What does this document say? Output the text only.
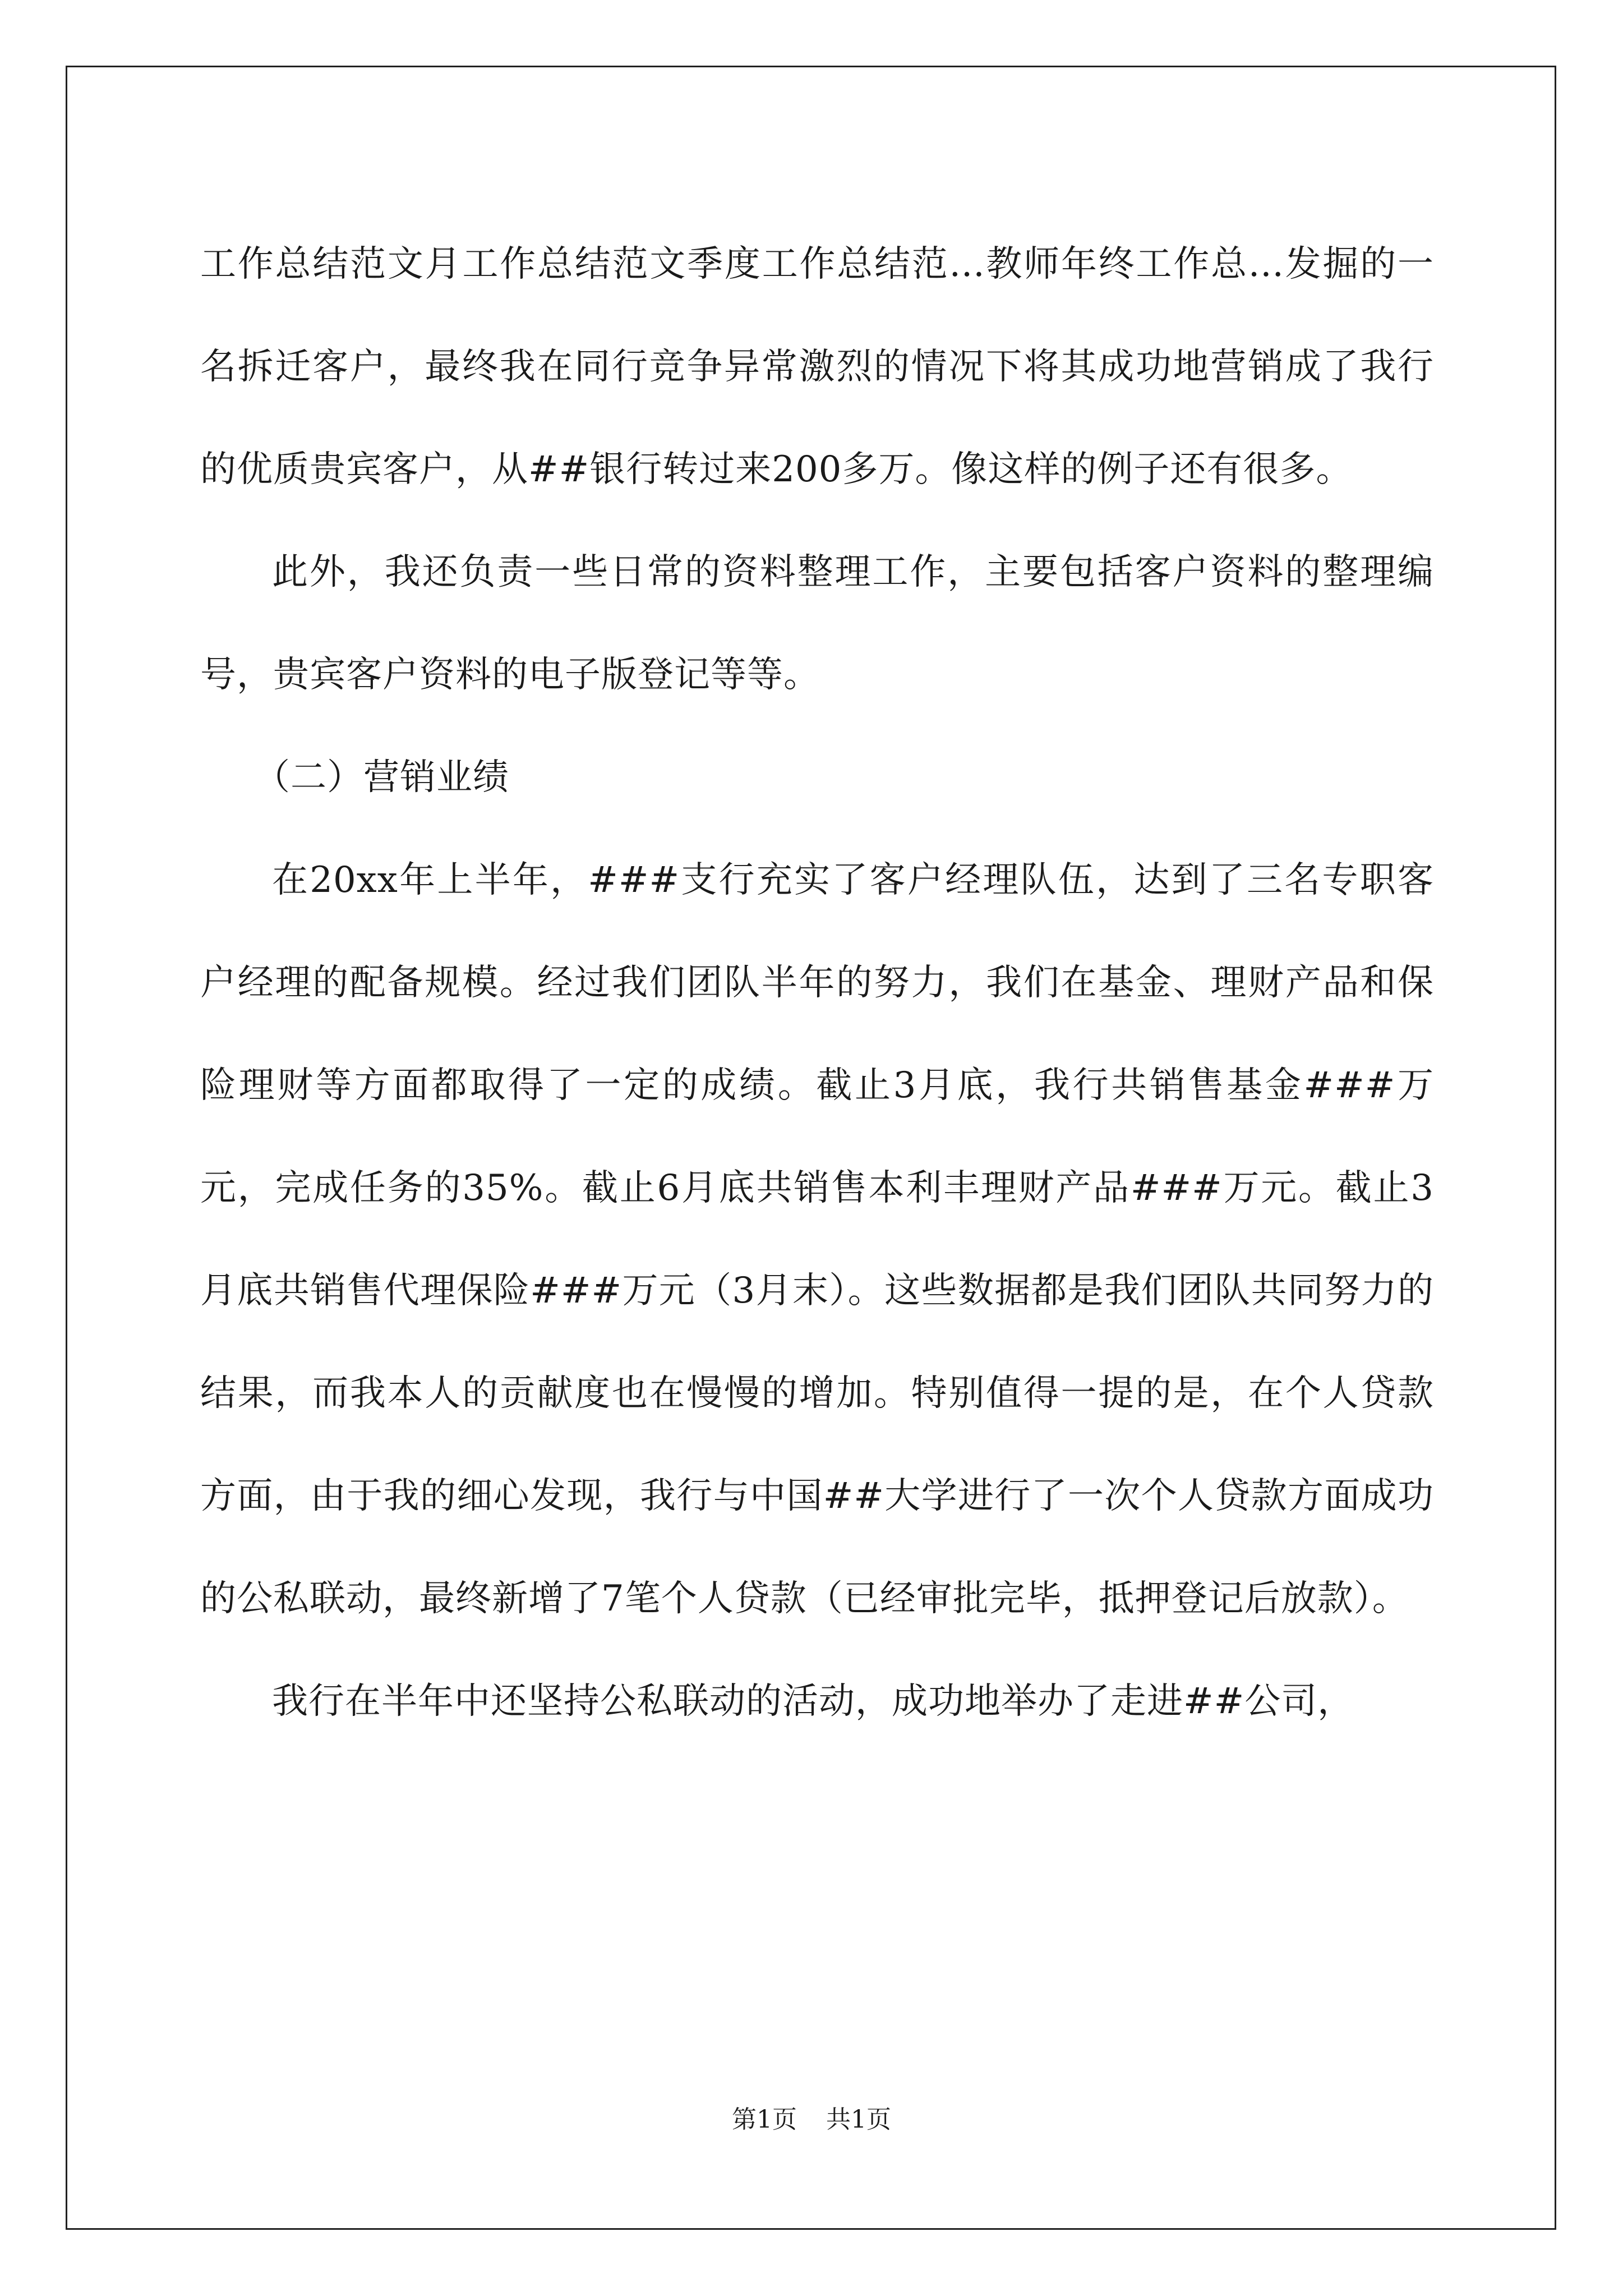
工作总结范文月工作总结范文季度工作总结范...教师年终工作总...发掘的一名拆迁客户，最终我在同行竞争异常激烈的情况下将其成功地营销成了我行的优质贵宾客户，从##银行转过来200多万。像这样的例子还有很多。

此外，我还负责一些日常的资料整理工作，主要包括客户资料的整理编号，贵宾客户资料的电子版登记等等。

（二）营销业绩

在20xx年上半年，###支行充实了客户经理队伍，达到了三名专职客户经理的配备规模。经过我们团队半年的努力，我们在基金、理财产品和保险理财等方面都取得了一定的成绩。截止3月底，我行共销售基金###万元，完成任务的35%。截止6月底共销售本利丰理财产品###万元。截止3月底共销售代理保险###万元（3月末）。这些数据都是我们团队共同努力的结果，而我本人的贡献度也在慢慢的增加。特别值得一提的是，在个人贷款方面，由于我的细心发现，我行与中国##大学进行了一次个人贷款方面成功的公私联动，最终新增了7笔个人贷款（已经审批完毕，抵押登记后放款）。

我行在半年中还坚持公私联动的活动，成功地举办了走进##公司，

第1页 共1页
